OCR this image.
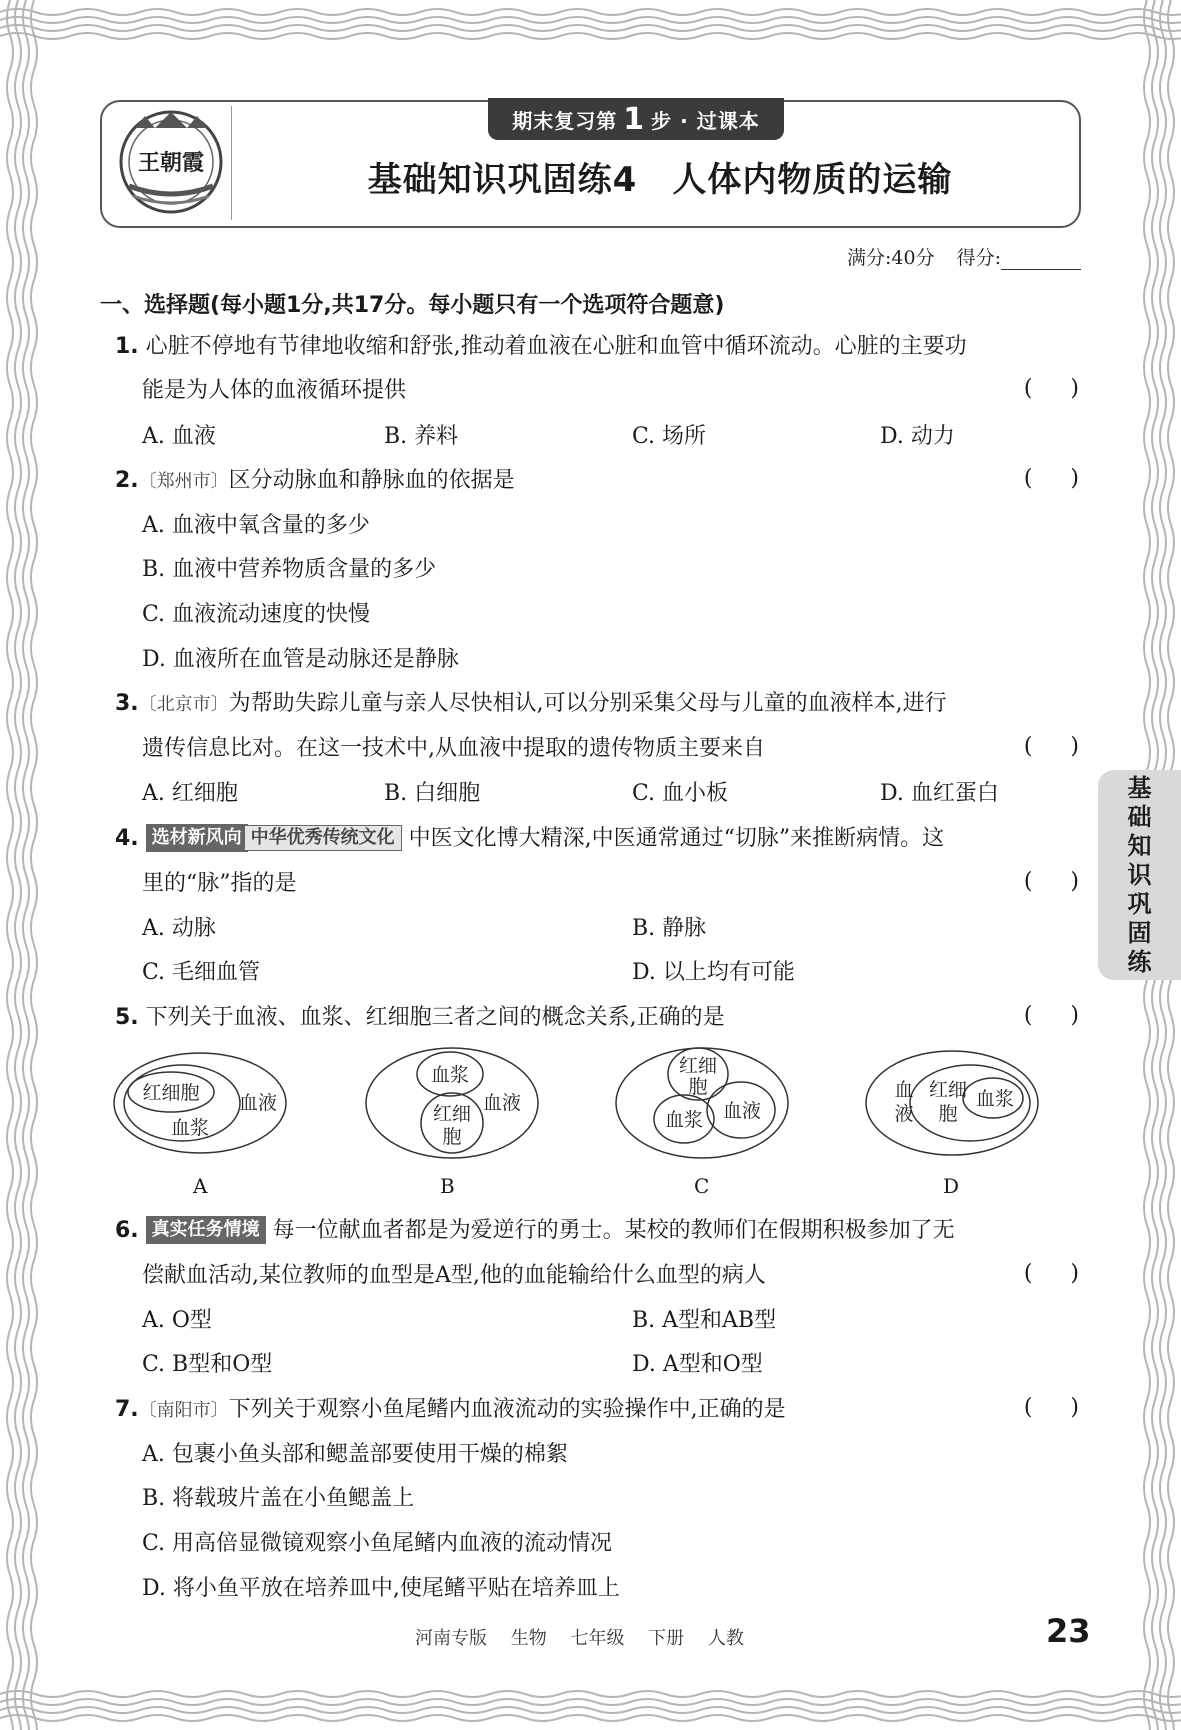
王朝霞
期末复习第 1 步 · 过课本
基础知识巩固练4　人体内物质的运输
满分:40分 得分:
一、选择题(每小题1分,共17分。每小题只有一个选项符合题意)
1. 心脏不停地有节律地收缩和舒张,推动着血液在心脏和血管中循环流动。心脏的主要功
能是为人体的血液循环提供	()
A. 血液	B. 养料	C. 场所	D. 动力
2.〔郑州市〕区分动脉血和静脉血的依据是	()
A. 血液中氧含量的多少
B. 血液中营养物质含量的多少
C. 血液流动速度的快慢
D. 血液所在血管是动脉还是静脉
3.〔北京市〕为帮助失踪儿童与亲人尽快相认,可以分别采集父母与儿童的血液样本,进行
遗传信息比对。在这一技术中,从血液中提取的遗传物质主要来自	()
A. 红细胞	B. 白细胞	C. 血小板	D. 血红蛋白	基
础
知
识
巩
固
练
4. 选材新风向 中华优秀传统文化 中医文化博大精深,中医通常通过“切脉”来推断病情。这
里的“脉”指的是	()
A. 动脉	B. 静脉
C. 毛细血管	D. 以上均有可能
5. 下列关于血液、血浆、红细胞三者之间的概念关系,正确的是	()
红细胞
血浆
血液
血浆
红细
胞
血液
红细
胞
血浆 血液
血
液
红细
胞
血浆
A	B	C	D
6. 真实任务情境 每一位献血者都是为爱逆行的勇士。某校的教师们在假期积极参加了无
偿献血活动,某位教师的血型是A型,他的血能输给什么血型的病人	()
A. O型	B. A型和AB型
C. B型和O型	D. A型和O型
7.〔南阳市〕下列关于观察小鱼尾鳍内血液流动的实验操作中,正确的是	()
A. 包裹小鱼头部和鳃盖部要使用干燥的棉絮
B. 将载玻片盖在小鱼鳃盖上
C. 用高倍显微镜观察小鱼尾鳍内血液的流动情况
D. 将小鱼平放在培养皿中,使尾鳍平贴在培养皿上
河南专版 生物 七年级 下册 人教	23
